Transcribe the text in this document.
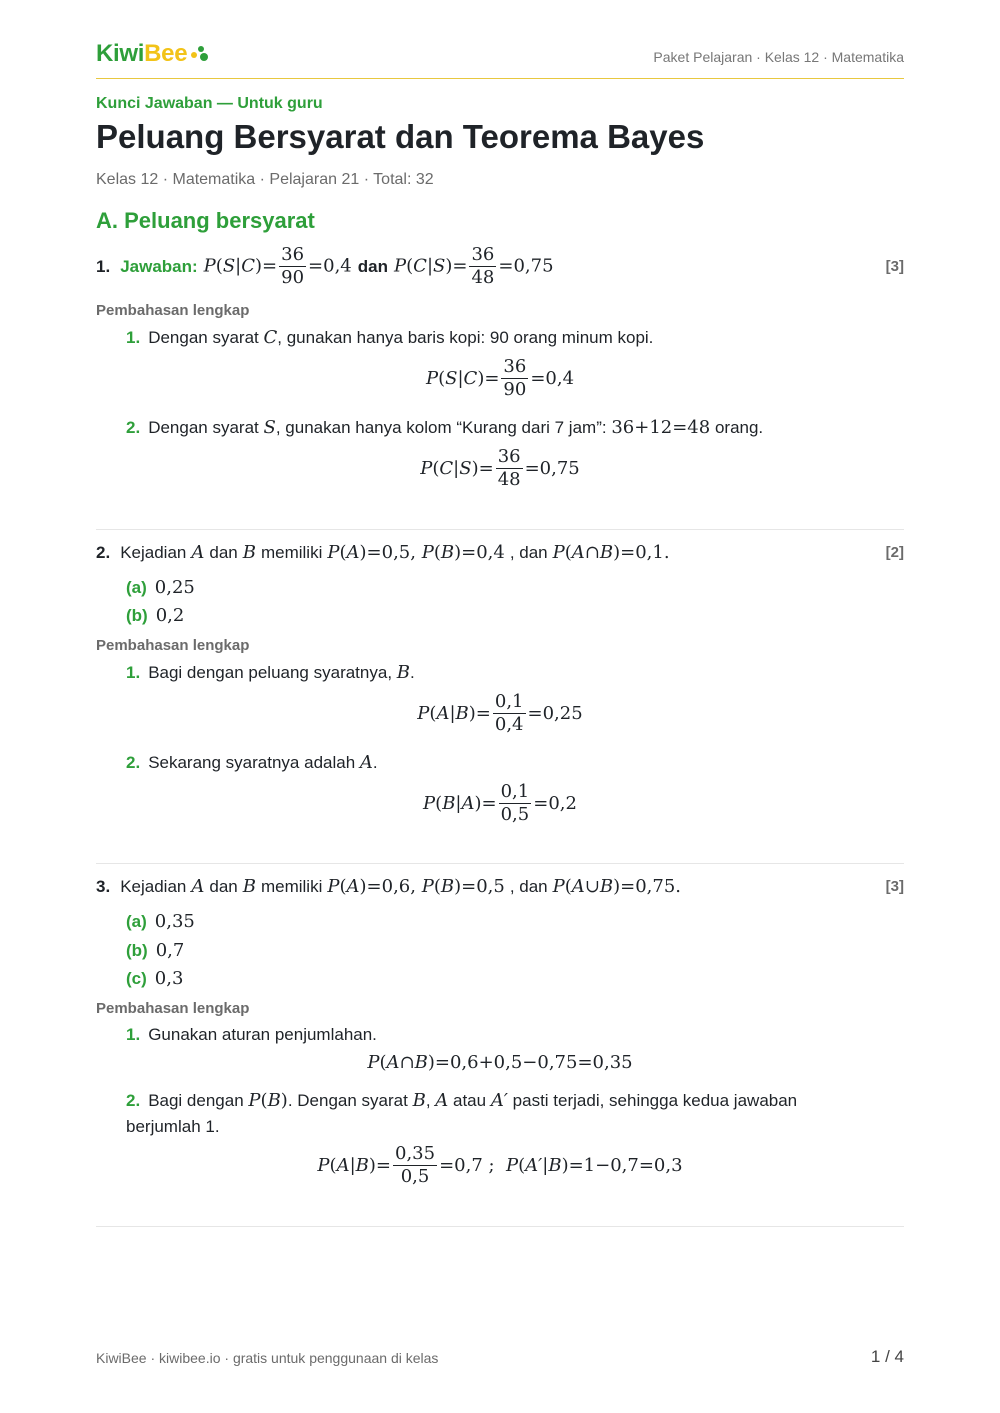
KiwiBee	Paket Pelajaran · Kelas 12 · Matematika
Kunci Jawaban — Untuk guru
Peluang Bersyarat dan Teorema Bayes
Kelas 12 · Matematika · Pelajaran 21 · Total: 32
A. Peluang bersyarat
1. Jawaban: $P(S|C)= \frac{36}{90} =0,4$ dan $P(C|S)= \frac{36}{48} =0,75$	[3]
Pembahasan lengkap
1. Dengan syarat C, gunakan hanya baris kopi: 90 orang minum kopi.
$P(S|C)= \frac{36}{90} =0,4$
2. Dengan syarat S, gunakan hanya kolom “Kurang dari 7 jam”: 36+12=48 orang.
$P(C|S)= \frac{36}{48} =0,75$
2. Kejadian A dan B memiliki P(A)=0,5, P(B)=0,4 , dan P(A∩B)=0,1.	[2]
(a) 0,25
(b) 0,2
Pembahasan lengkap
1. Bagi dengan peluang syaratnya, B.
$P(A|B)= \frac{0,1}{0,4} =0,25$
2. Sekarang syaratnya adalah A.
$P(B|A)= \frac{0,1}{0,5} =0,2$
3. Kejadian A dan B memiliki P(A)=0,6, P(B)=0,5 , dan P(A∪B)=0,75.	[3]
(a) 0,35
(b) 0,7
(c) 0,3
Pembahasan lengkap
1. Gunakan aturan penjumlahan.
P(A∩B)=0,6+0,5−0,75=0,35
2. Bagi dengan P(B). Dengan syarat B, A atau A′ pasti terjadi, sehingga kedua jawaban
berjumlah 1.
$P(A|B)= \frac{0,35}{0,5} =0,7$ ;  P(A′|B)=1−0,7=0,3
KiwiBee · kiwibee.io · gratis untuk penggunaan di kelas	1 / 4
